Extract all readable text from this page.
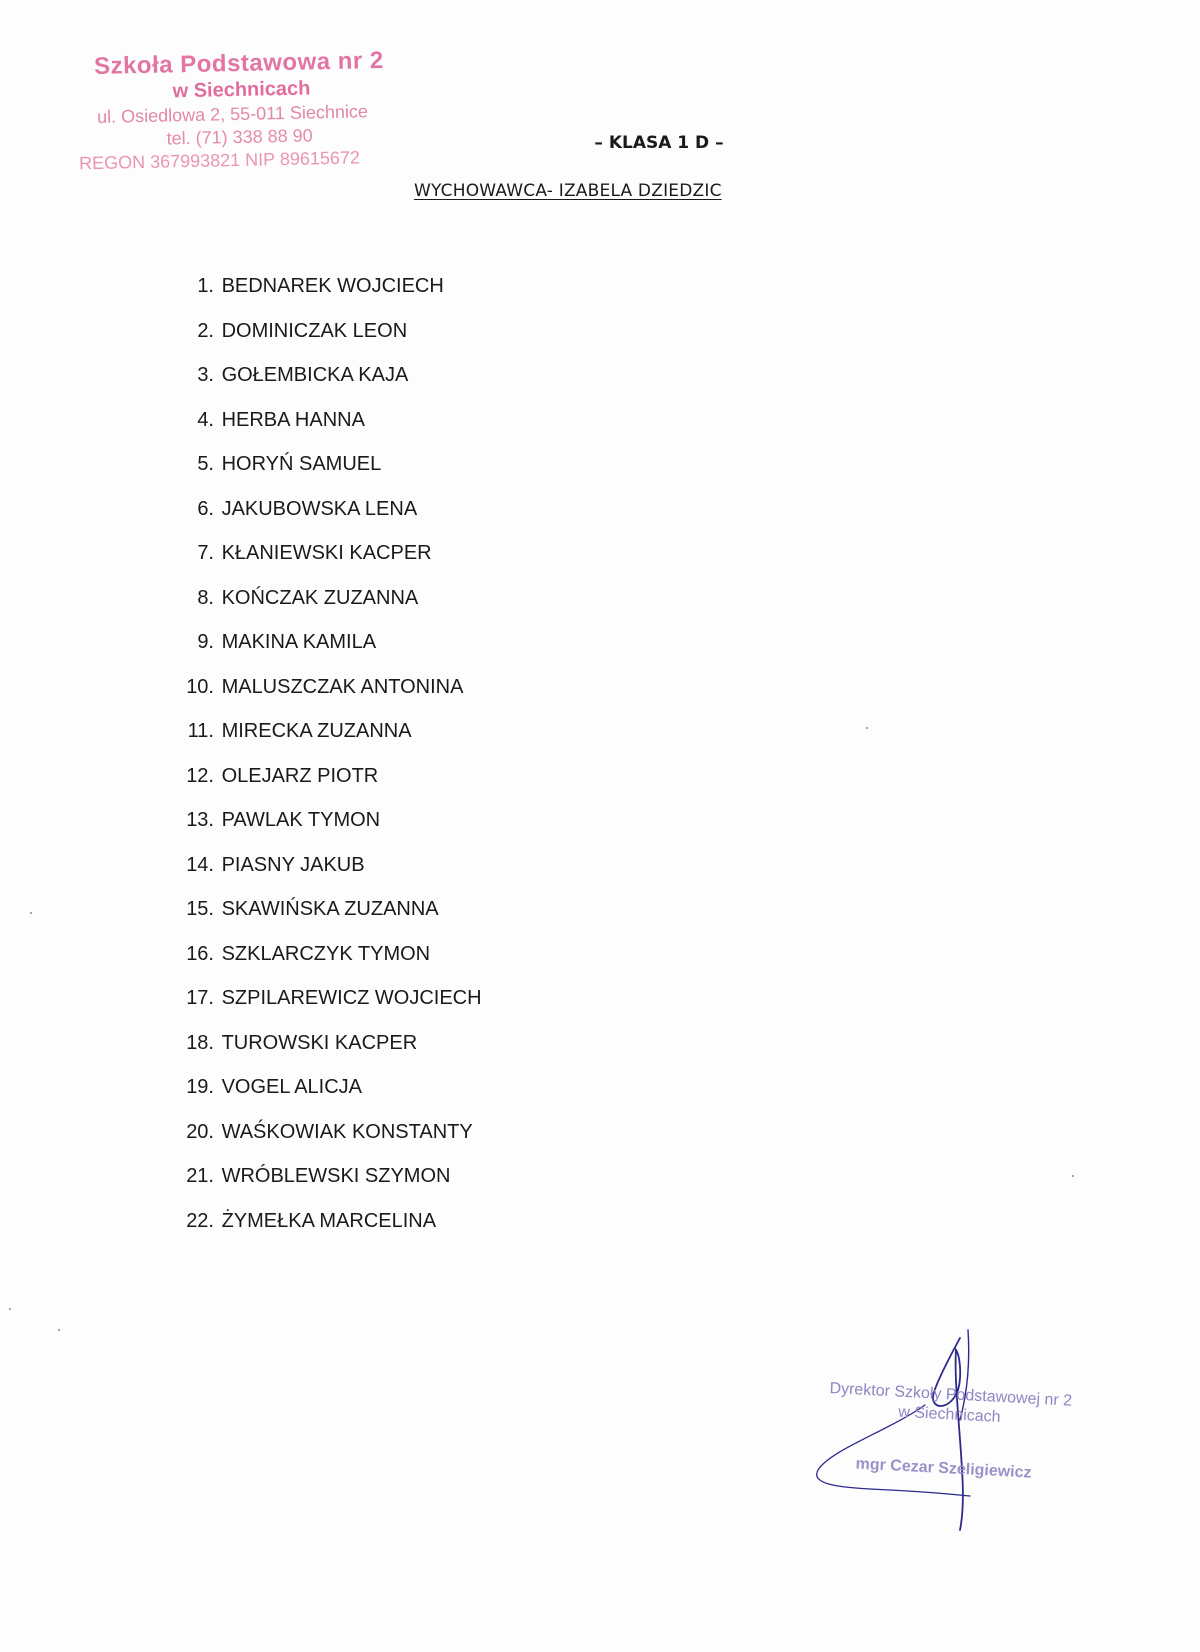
Szkoła Podstawowa nr 2
w Siechnicach
ul. Osiedlowa 2, 55-011 Siechnice
tel. (71) 338 88 90
REGON 367993821 NIP 89615672
– KLASA 1 D –
WYCHOWAWCA- IZABELA DZIEDZIC
1. BEDNAREK WOJCIECH
2. DOMINICZAK LEON
3. GOŁEMBICKA KAJA
4. HERBA HANNA
5. HORYŃ SAMUEL
6. JAKUBOWSKA LENA
7. KŁANIEWSKI KACPER
8. KOŃCZAK ZUZANNA
9. MAKINA KAMILA
10. MALUSZCZAK ANTONINA
11. MIRECKA ZUZANNA
12. OLEJARZ PIOTR
13. PAWLAK TYMON
14. PIASNY JAKUB
15. SKAWIŃSKA ZUZANNA
16. SZKLARCZYK TYMON
17. SZPILAREWICZ WOJCIECH
18. TUROWSKI KACPER
19. VOGEL ALICJA
20. WAŚKOWIAK KONSTANTY
21. WRÓBLEWSKI SZYMON
22. ŻYMEŁKA MARCELINA
Dyrektor Szkoły Podstawowej nr 2
w Siechnicach
mgr Cezar Szeligiewicz
